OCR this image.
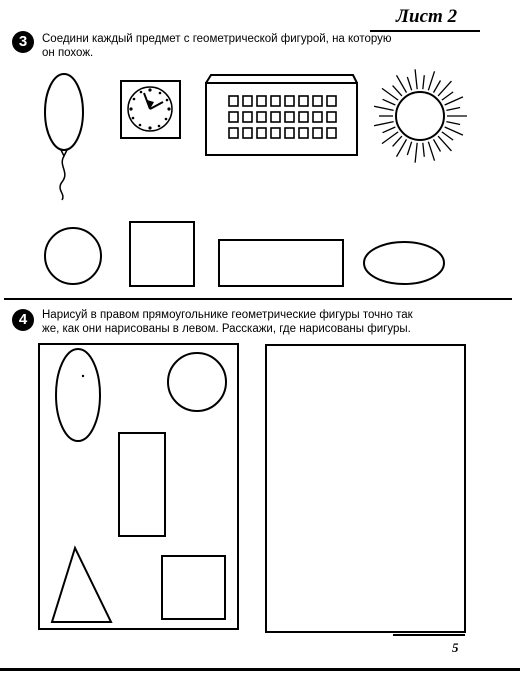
Лист 2
3	Соедини каждый предмет с геометрической фигурой, на которую
он похож.
4	Нарисуй в правом прямоугольнике геометрические фигуры точно так
же, как они нарисованы в левом. Расскажи, где нарисованы фигуры.
5
